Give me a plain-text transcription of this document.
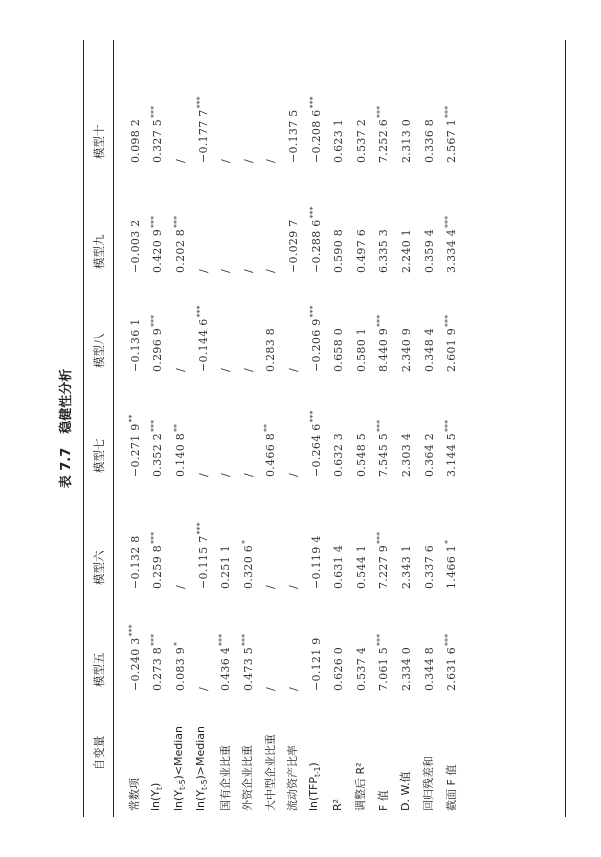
表 7.7稳健性分析
自变量	模型五	模型六	模型七	模型八	模型九	模型十
常数项	−0.240 3***	−0.132 8	−0.271 9**	−0.136 1	−0.003 2	0.098 2
$\ln(Y_t)$	0.273 8***	0.259 8***	0.352 2***	0.296 9***	0.420 9***	0.327 5***
$\ln(Y_{t-5})<Median$	0.083 9*	/	0.140 8**	/	0.202 8***	/
$\ln(Y_{t-5})>Median$	/	−0.115 7***	/	−0.144 6***	/	−0.177 7***
国有企业比重	0.436 4***	0.251 1	/	/	/	/
外资企业比重	0.473 5***	0.320 6*	/	/	/	/
大中型企业比重	/	/	0.466 8**	0.283 8	/	/
流动资产比率	/	/	/	/	−0.029 7	−0.137 5
$\ln(TFP_{t-1})$	−0.121 9	−0.119 4	−0.264 6***	−0.206 9***	−0.288 6***	−0.208 6***
R²	0.626 0	0.631 4	0.632 3	0.658 0	0.590 8	0.623 1
调整后 R²	0.537 4	0.544 1	0.548 5	0.580 1	0.497 6	0.537 2
F 值	7.061 5***	7.227 9***	7.545 5***	8.440 9***	6.335 3	7.252 6***
D. W.值	2.334 0	2.343 1	2.303 4	2.340 9	2.240 1	2.313 0
回归残差和	0.344 8	0.337 6	0.364 2	0.348 4	0.359 4	0.336 8
截面 F 值	2.631 6***	1.466 1*	3.144 5***	2.601 9***	3.334 4***	2.567 1***
